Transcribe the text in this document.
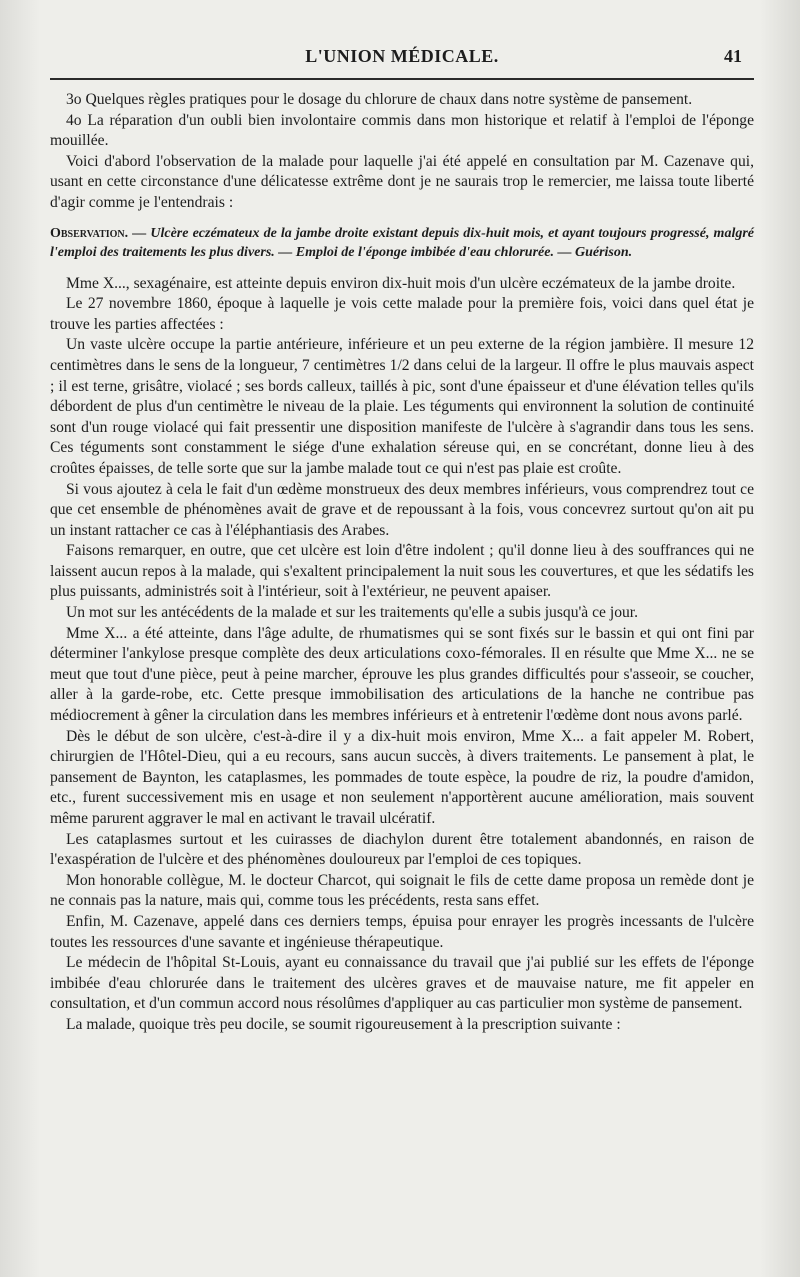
L'UNION MÉDICALE.	41

3o Quelques règles pratiques pour le dosage du chlorure de chaux dans notre système de pansement.

4o La réparation d'un oubli bien involontaire commis dans mon historique et relatif à l'emploi de l'éponge mouillée.

Voici d'abord l'observation de la malade pour laquelle j'ai été appelé en consultation par M. Cazenave qui, usant en cette circonstance d'une délicatesse extrême dont je ne saurais trop le remercier, me laissa toute liberté d'agir comme je l'entendrais :

Observation. — Ulcère eczémateux de la jambe droite existant depuis dix-huit mois, et ayant toujours progressé, malgré l'emploi des traitements les plus divers. — Emploi de l'éponge imbibée d'eau chlorurée. — Guérison.

Mme X..., sexagénaire, est atteinte depuis environ dix-huit mois d'un ulcère eczémateux de la jambe droite.

Le 27 novembre 1860, époque à laquelle je vois cette malade pour la première fois, voici dans quel état je trouve les parties affectées :

Un vaste ulcère occupe la partie antérieure, inférieure et un peu externe de la région jambière. Il mesure 12 centimètres dans le sens de la longueur, 7 centimètres 1/2 dans celui de la largeur. Il offre le plus mauvais aspect ; il est terne, grisâtre, violacé ; ses bords calleux, taillés à pic, sont d'une épaisseur et d'une élévation telles qu'ils débordent de plus d'un centimètre le niveau de la plaie. Les téguments qui environnent la solution de continuité sont d'un rouge violacé qui fait pressentir une disposition manifeste de l'ulcère à s'agrandir dans tous les sens. Ces téguments sont constamment le siége d'une exhalation séreuse qui, en se concrétant, donne lieu à des croûtes épaisses, de telle sorte que sur la jambe malade tout ce qui n'est pas plaie est croûte.

Si vous ajoutez à cela le fait d'un œdème monstrueux des deux membres inférieurs, vous comprendrez tout ce que cet ensemble de phénomènes avait de grave et de repoussant à la fois, vous concevrez surtout qu'on ait pu un instant rattacher ce cas à l'éléphantiasis des Arabes.

Faisons remarquer, en outre, que cet ulcère est loin d'être indolent ; qu'il donne lieu à des souffrances qui ne laissent aucun repos à la malade, qui s'exaltent principalement la nuit sous les couvertures, et que les sédatifs les plus puissants, administrés soit à l'intérieur, soit à l'extérieur, ne peuvent apaiser.

Un mot sur les antécédents de la malade et sur les traitements qu'elle a subis jusqu'à ce jour.

Mme X... a été atteinte, dans l'âge adulte, de rhumatismes qui se sont fixés sur le bassin et qui ont fini par déterminer l'ankylose presque complète des deux articulations coxo-fémorales. Il en résulte que Mme X... ne se meut que tout d'une pièce, peut à peine marcher, éprouve les plus grandes difficultés pour s'asseoir, se coucher, aller à la garde-robe, etc. Cette presque immobilisation des articulations de la hanche ne contribue pas médiocrement à gêner la circulation dans les membres inférieurs et à entretenir l'œdème dont nous avons parlé.

Dès le début de son ulcère, c'est-à-dire il y a dix-huit mois environ, Mme X... a fait appeler M. Robert, chirurgien de l'Hôtel-Dieu, qui a eu recours, sans aucun succès, à divers traitements. Le pansement à plat, le pansement de Baynton, les cataplasmes, les pommades de toute espèce, la poudre de riz, la poudre d'amidon, etc., furent successivement mis en usage et non seulement n'apportèrent aucune amélioration, mais souvent même parurent aggraver le mal en activant le travail ulcératif.

Les cataplasmes surtout et les cuirasses de diachylon durent être totalement abandonnés, en raison de l'exaspération de l'ulcère et des phénomènes douloureux par l'emploi de ces topiques.

Mon honorable collègue, M. le docteur Charcot, qui soignait le fils de cette dame proposa un remède dont je ne connais pas la nature, mais qui, comme tous les précédents, resta sans effet.

Enfin, M. Cazenave, appelé dans ces derniers temps, épuisa pour enrayer les progrès incessants de l'ulcère toutes les ressources d'une savante et ingénieuse thérapeutique.

Le médecin de l'hôpital St-Louis, ayant eu connaissance du travail que j'ai publié sur les effets de l'éponge imbibée d'eau chlorurée dans le traitement des ulcères graves et de mauvaise nature, me fit appeler en consultation, et d'un commun accord nous résolûmes d'appliquer au cas particulier mon système de pansement.

La malade, quoique très peu docile, se soumit rigoureusement à la prescription suivante :
